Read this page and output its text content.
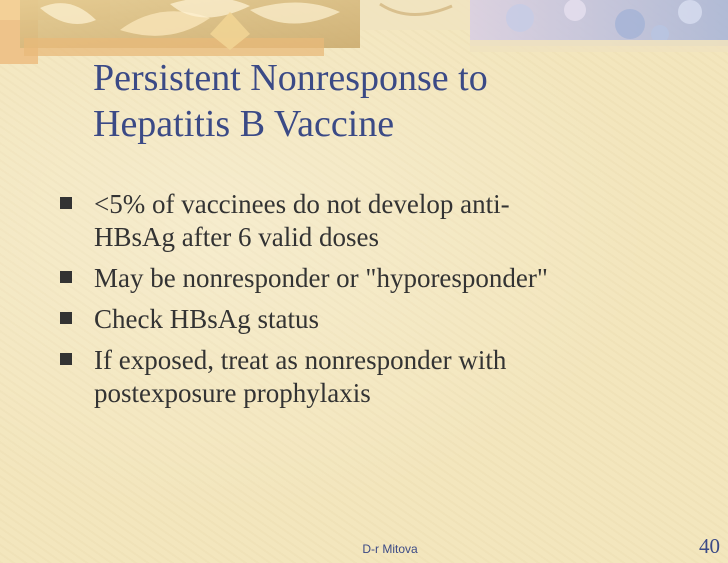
Persistent Nonresponse to
Hepatitis B Vaccine
<5% of vaccinees do not develop anti-
HBsAg after 6 valid doses
May be nonresponder or "hyporesponder"
Check HBsAg status
If exposed, treat as nonresponder with
postexposure prophylaxis
D-r Mitova	40
